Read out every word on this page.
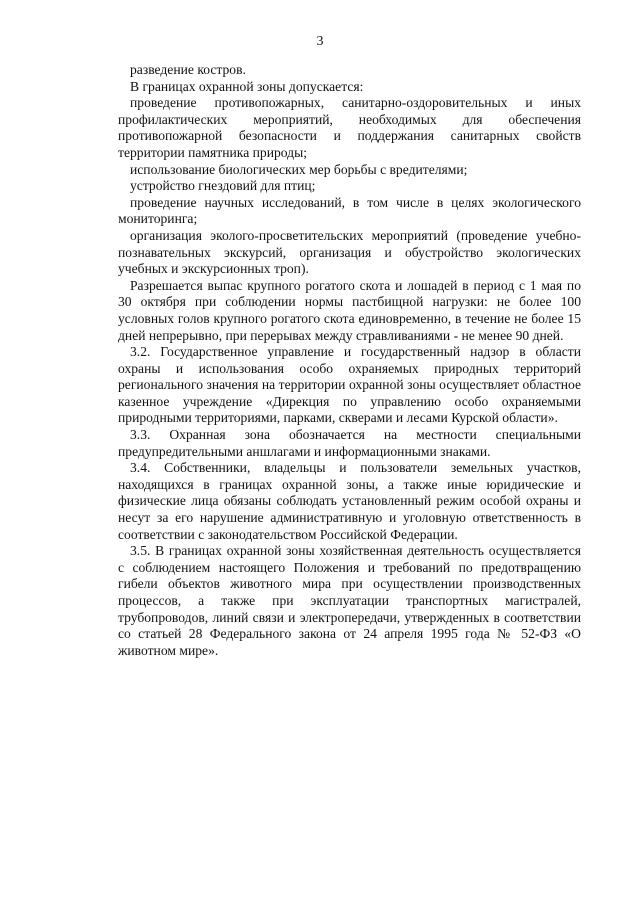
3

разведение костров.

В границах охранной зоны допускается:

проведение противопожарных, санитарно-оздоровительных и иных профилактических мероприятий, необходимых для обеспечения противопожарной безопасности и поддержания санитарных свойств территории памятника природы;

использование биологических мер борьбы с вредителями;

устройство гнездовий для птиц;

проведение научных исследований, в том числе в целях экологического мониторинга;

организация эколого-просветительских мероприятий (проведение учебно-познавательных экскурсий, организация и обустройство экологических учебных и экскурсионных троп).

Разрешается выпас крупного рогатого скота и лошадей в период с 1 мая по 30 октября при соблюдении нормы пастбищной нагрузки: не более 100 условных голов крупного рогатого скота единовременно, в течение не более 15 дней непрерывно, при перерывах между стравливаниями - не менее 90 дней.

3.2. Государственное управление и государственный надзор в области охраны и использования особо охраняемых природных территорий регионального значения на территории охранной зоны осуществляет областное казенное учреждение «Дирекция по управлению особо охраняемыми природными территориями, парками, скверами и лесами Курской области».

3.3. Охранная зона обозначается на местности специальными предупредительными аншлагами и информационными знаками.

3.4. Собственники, владельцы и пользователи земельных участков, находящихся в границах охранной зоны, а также иные юридические и физические лица обязаны соблюдать установленный режим особой охраны и несут за его нарушение административную и уголовную ответственность в соответствии с законодательством Российской Федерации.

3.5. В границах охранной зоны хозяйственная деятельность осуществляется с соблюдением настоящего Положения и требований по предотвращению гибели объектов животного мира при осуществлении производственных процессов, а также при эксплуатации транспортных магистралей, трубопроводов, линий связи и электропередачи, утвержденных в соответствии со статьей 28 Федерального закона от 24 апреля 1995 года № 52-ФЗ «О животном мире».
